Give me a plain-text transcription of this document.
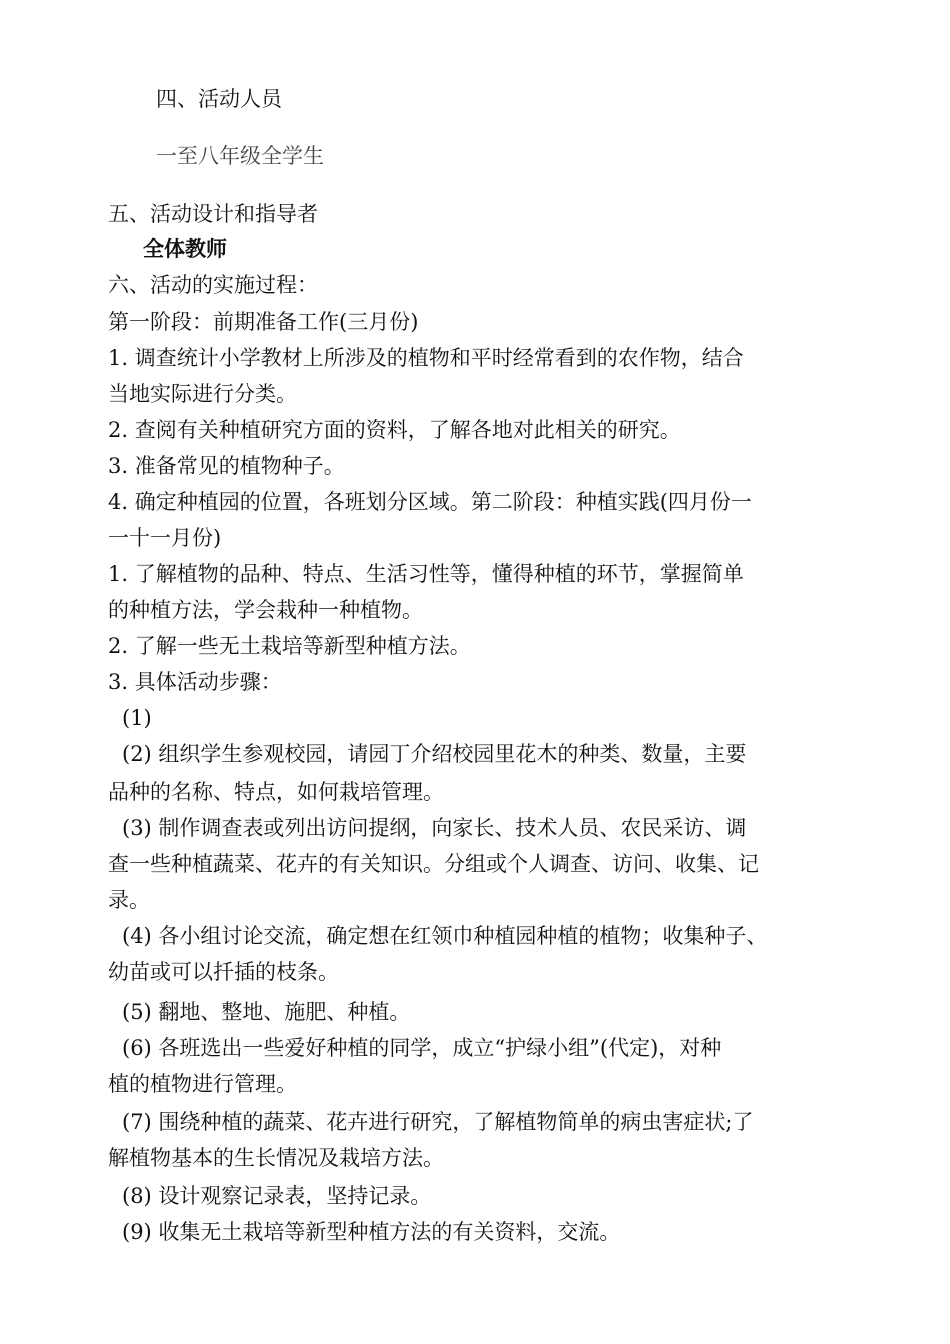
四、活动人员
一至八年级全学生
五、活动设计和指导者
全体教师
六、活动的实施过程：
第一阶段：前期准备工作(三月份)
1. 调查统计小学教材上所涉及的植物和平时经常看到的农作物，结合
当地实际进行分类。
2. 查阅有关种植研究方面的资料，了解各地对此相关的研究。
3. 准备常见的植物种子。
4. 确定种植园的位置，各班划分区域。第二阶段：种植实践(四月份一
一十一月份)
1. 了解植物的品种、特点、生活习性等，懂得种植的环节，掌握简单
的种植方法，学会栽种一种植物。
2. 了解一些无土栽培等新型种植方法。
3. 具体活动步骤：
(1)
(2) 组织学生参观校园，请园丁介绍校园里花木的种类、数量，主要
品种的名称、特点，如何栽培管理。
(3) 制作调查表或列出访问提纲，向家长、技术人员、农民采访、调
查一些种植蔬菜、花卉的有关知识。分组或个人调查、访问、收集、记
录。
(4) 各小组讨论交流，确定想在红领巾种植园种植的植物；收集种子、
幼苗或可以扦插的枝条。
(5) 翻地、整地、施肥、种植。
(6) 各班选出一些爱好种植的同学，成立“护绿小组”(代定)，对种
植的植物进行管理。
(7) 围绕种植的蔬菜、花卉进行研究，了解植物简单的病虫害症状;了
解植物基本的生长情况及栽培方法。
(8) 设计观察记录表，坚持记录。
(9) 收集无土栽培等新型种植方法的有关资料，交流。
